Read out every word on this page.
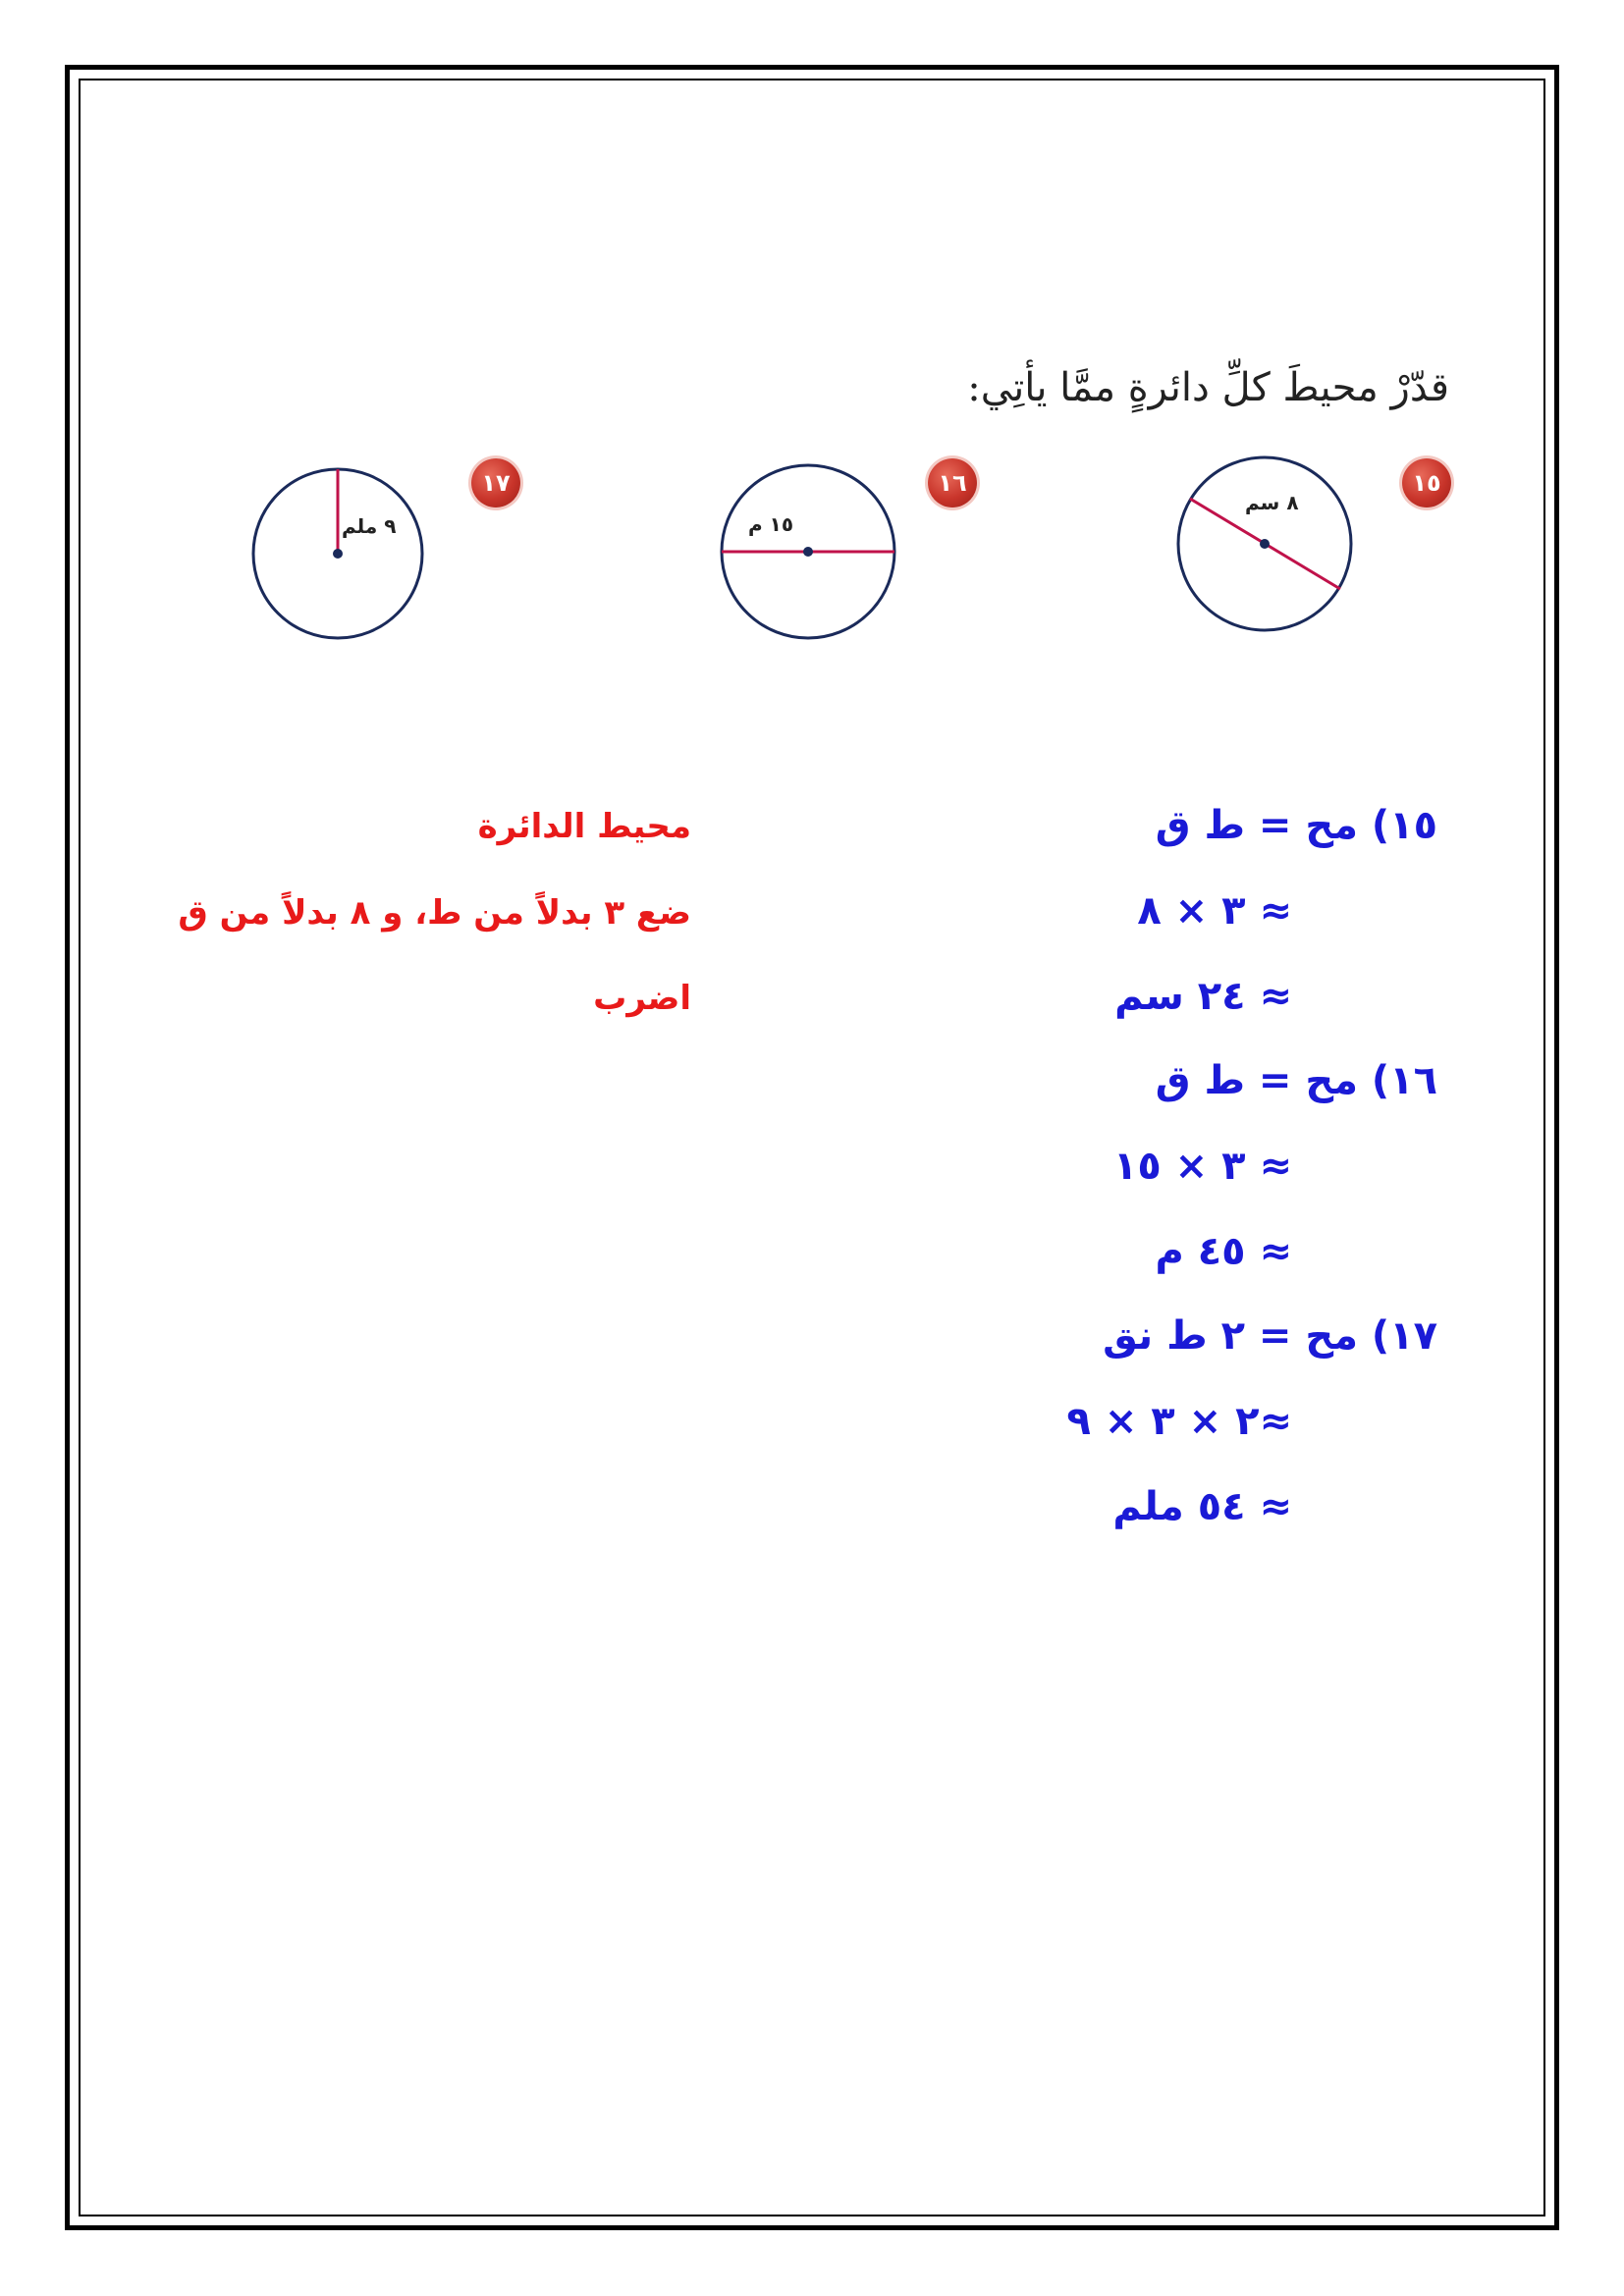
قدّرْ محيطَ كلِّ دائرةٍ ممَّا يأتِي:
١٥
١٦
١٧
٨ سم
١٥ م
٩ ملم
١٥) مح = ط ق
≈ ٣ × ٨
≈ ٢٤ سم
١٦) مح = ط ق
≈ ٣ × ١٥
≈ ٤٥ م
١٧) مح = ٢ ط نق
≈٢ × ٣ × ٩
≈ ٥٤ ملم
محيط الدائرة
ضع ٣ بدلاً من ط، و ٨ بدلاً من ق
اضرب
